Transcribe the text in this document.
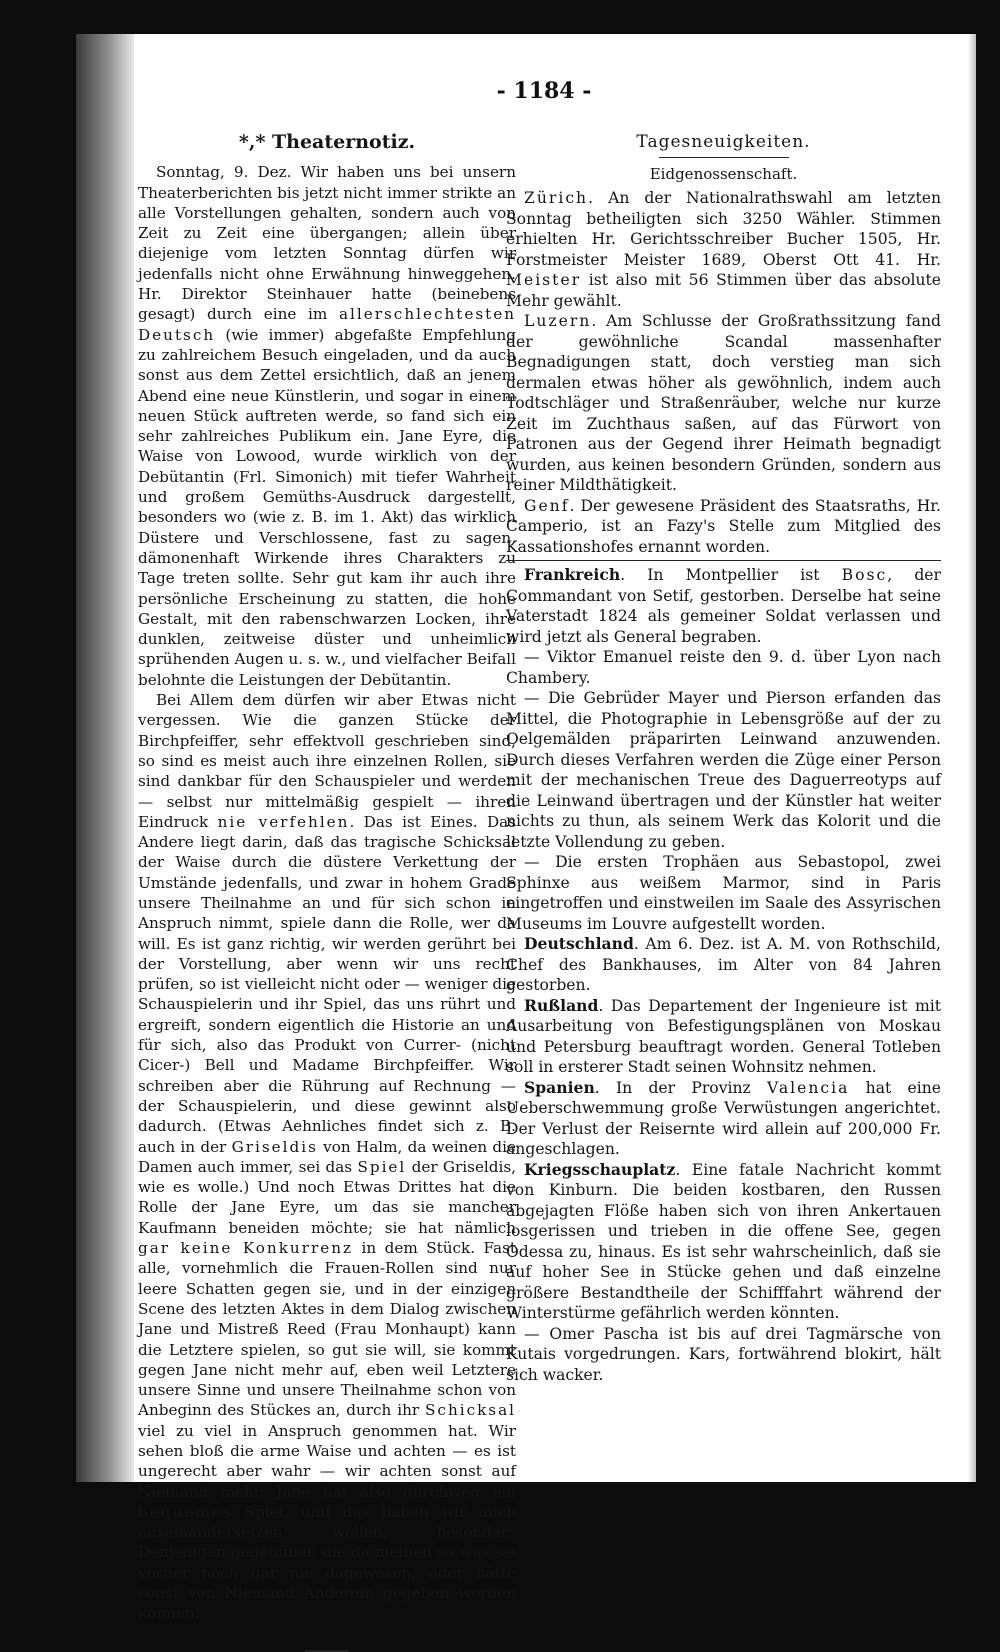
- 1184 -
*,* Theaternotiz.

Sonntag, 9. Dez. Wir haben uns bei unsern Theaterberichten bis jetzt nicht immer strikte an alle Vorstellungen gehalten, sondern auch von Zeit zu Zeit eine übergangen; allein über diejenige vom letzten Sonntag dürfen wir jedenfalls nicht ohne Erwähnung hinweggehen. Hr. Direktor Steinhauer hatte (beinebens gesagt) durch eine im allerschlechtesten Deutsch (wie immer) abgefaßte Empfehlung zu zahlreichem Besuch eingeladen, und da auch sonst aus dem Zettel ersichtlich, daß an jenem Abend eine neue Künstlerin, und sogar in einem neuen Stück auftreten werde, so fand sich ein sehr zahlreiches Publikum ein. Jane Eyre, die Waise von Lowood, wurde wirklich von der Debütantin (Frl. Simonich) mit tiefer Wahrheit und großem Gemüths-Ausdruck dargestellt, besonders wo (wie z. B. im 1. Akt) das wirklich Düstere und Verschlossene, fast zu sagen, dämonenhaft Wirkende ihres Charakters zu Tage treten sollte. Sehr gut kam ihr auch ihre persönliche Erscheinung zu statten, die hohe Gestalt, mit den rabenschwarzen Locken, ihre dunklen, zeitweise düster und unheimlich sprühenden Augen u. s. w., und vielfacher Beifall belohnte die Leistungen der Debütantin.

Bei Allem dem dürfen wir aber Etwas nicht vergessen. Wie die ganzen Stücke der Birchpfeiffer, sehr effektvoll geschrieben sind, so sind es meist auch ihre einzelnen Rollen, sie sind dankbar für den Schauspieler und werden — selbst nur mittelmäßig gespielt — ihren Eindruck nie verfehlen. Das ist Eines. Das Andere liegt darin, daß das tragische Schicksal der Waise durch die düstere Verkettung der Umstände jedenfalls, und zwar in hohem Grade unsere Theilnahme an und für sich schon in Anspruch nimmt, spiele dann die Rolle, wer da will. Es ist ganz richtig, wir werden gerührt bei der Vorstellung, aber wenn wir uns recht prüfen, so ist vielleicht nicht oder — weniger die Schauspielerin und ihr Spiel, das uns rührt und ergreift, sondern eigentlich die Historie an und für sich, also das Produkt von Currer- (nicht Cicer-) Bell und Madame Birchpfeiffer. Wir schreiben aber die Rührung auf Rechnung — der Schauspielerin, und diese gewinnt also dadurch. (Etwas Aehnliches findet sich z. B. auch in der Griseldis von Halm, da weinen die Damen auch immer, sei das Spiel der Griseldis, wie es wolle.) Und noch Etwas Drittes hat die Rolle der Jane Eyre, um das sie mancher Kaufmann beneiden möchte; sie hat nämlich gar keine Konkurrenz in dem Stück. Fast alle, vornehmlich die Frauen-Rollen sind nur leere Schatten gegen sie, und in der einzigen Scene des letzten Aktes in dem Dialog zwischen Jane und Mistreß Reed (Frau Monhaupt) kann die Letztere spielen, so gut sie will, sie kommt gegen Jane nicht mehr auf, eben weil Letztere unsere Sinne und unsere Theilnahme schon von Anbeginn des Stückes an, durch ihr Schicksal viel zu viel in Anspruch genommen hat. Wir sehen bloß die arme Waise und achten — es ist ungerecht aber wahr — wir achten sonst auf Niemand mehr. Jane hat also durchweg ein bequemes Spiel, und das haben wir auch auseinandersetzen wollen, besonders Denjenigen gegenüber, die da meinen so was sei vorher noch gar nie dagewesen, oder hätte sonst von Niemand Anderem gegeben werden können!

Tagesneuigkeiten.
Eidgenossenschaft.

Zürich. An der Nationalrathswahl am letzten Sonntag betheiligten sich 3250 Wähler. Stimmen erhielten Hr. Gerichtsschreiber Bucher 1505, Hr. Forstmeister Meister 1689, Oberst Ott 41. Hr. Meister ist also mit 56 Stimmen über das absolute Mehr gewählt.

Luzern. Am Schlusse der Großrathssitzung fand der gewöhnliche Scandal massenhafter Begnadigungen statt, doch verstieg man sich dermalen etwas höher als gewöhnlich, indem auch Todtschläger und Straßenräuber, welche nur kurze Zeit im Zuchthaus saßen, auf das Fürwort von Patronen aus der Gegend ihrer Heimath begnadigt wurden, aus keinen besondern Gründen, sondern aus reiner Mildthätigkeit.

Genf. Der gewesene Präsident des Staatsraths, Hr. Camperio, ist an Fazy's Stelle zum Mitglied des Kassationshofes ernannt worden.

Frankreich. In Montpellier ist Bosc, der Commandant von Setif, gestorben. Derselbe hat seine Vaterstadt 1824 als gemeiner Soldat verlassen und wird jetzt als General begraben.

— Viktor Emanuel reiste den 9. d. über Lyon nach Chambery.

— Die Gebrüder Mayer und Pierson erfanden das Mittel, die Photographie in Lebensgröße auf der zu Oelgemälden präparirten Leinwand anzuwenden. Durch dieses Verfahren werden die Züge einer Person mit der mechanischen Treue des Daguerreotyps auf die Leinwand übertragen und der Künstler hat weiter nichts zu thun, als seinem Werk das Kolorit und die letzte Vollendung zu geben.

— Die ersten Trophäen aus Sebastopol, zwei Sphinxe aus weißem Marmor, sind in Paris eingetroffen und einstweilen im Saale des Assyrischen Museums im Louvre aufgestellt worden.

Deutschland. Am 6. Dez. ist A. M. von Rothschild, Chef des Bankhauses, im Alter von 84 Jahren gestorben.

Rußland. Das Departement der Ingenieure ist mit Ausarbeitung von Befestigungsplänen von Moskau und Petersburg beauftragt worden. General Totleben soll in ersterer Stadt seinen Wohnsitz nehmen.

Spanien. In der Provinz Valencia hat eine Ueberschwemmung große Verwüstungen angerichtet. Der Verlust der Reisernte wird allein auf 200,000 Fr. angeschlagen.

Kriegsschauplatz. Eine fatale Nachricht kommt von Kinburn. Die beiden kostbaren, den Russen abgejagten Flöße haben sich von ihren Ankertauen losgerissen und trieben in die offene See, gegen Odessa zu, hinaus. Es ist sehr wahrscheinlich, daß sie auf hoher See in Stücke gehen und daß einzelne größere Bestandtheile der Schifffahrt während der Winterstürme gefährlich werden könnten.

— Omer Pascha ist bis auf drei Tagmärsche von Kutais vorgedrungen. Kars, fortwährend blokirt, hält sich wacker.
